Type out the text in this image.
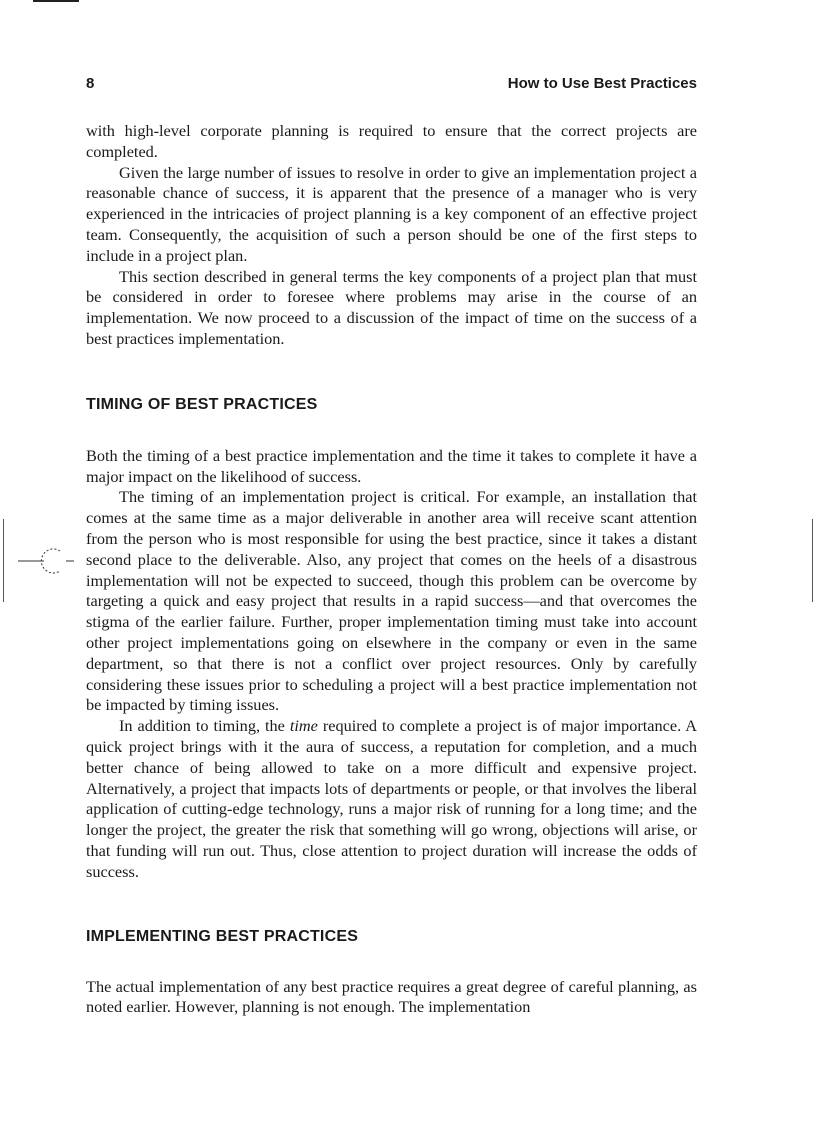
8	How to Use Best Practices

with high-level corporate planning is required to ensure that the correct projects are completed.

Given the large number of issues to resolve in order to give an implementation project a reasonable chance of success, it is apparent that the presence of a manager who is very experienced in the intricacies of project planning is a key component of an effective project team. Consequently, the acquisition of such a person should be one of the first steps to include in a project plan.

This section described in general terms the key components of a project plan that must be considered in order to foresee where problems may arise in the course of an implementation. We now proceed to a discussion of the impact of time on the success of a best practices implementation.

TIMING OF BEST PRACTICES

Both the timing of a best practice implementation and the time it takes to complete it have a major impact on the likelihood of success.

The timing of an implementation project is critical. For example, an installation that comes at the same time as a major deliverable in another area will receive scant attention from the person who is most responsible for using the best practice, since it takes a distant second place to the deliverable. Also, any project that comes on the heels of a disastrous implementation will not be expected to succeed, though this problem can be overcome by targeting a quick and easy project that results in a rapid success—and that overcomes the stigma of the earlier failure. Further, proper implementation timing must take into account other project implementations going on elsewhere in the company or even in the same department, so that there is not a conflict over project resources. Only by carefully considering these issues prior to scheduling a project will a best practice implementation not be impacted by timing issues.

In addition to timing, the time required to complete a project is of major importance. A quick project brings with it the aura of success, a reputation for completion, and a much better chance of being allowed to take on a more difficult and expensive project. Alternatively, a project that impacts lots of departments or people, or that involves the liberal application of cutting-edge technology, runs a major risk of running for a long time; and the longer the project, the greater the risk that something will go wrong, objections will arise, or that funding will run out. Thus, close attention to project duration will increase the odds of success.

IMPLEMENTING BEST PRACTICES

The actual implementation of any best practice requires a great degree of careful planning, as noted earlier. However, planning is not enough. The implementation
